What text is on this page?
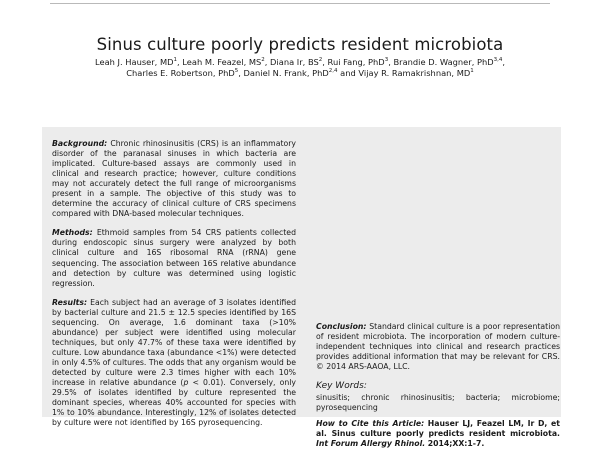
Sinus culture poorly predicts resident microbiota
Leah J. Hauser, $MD^1$, Leah M. Feazel, $MS^2$, Diana Ir, $BS^2$, Rui Fang, PhD$^3$, Brandie D. Wagner, PhD$^{3,4}$,
Charles E. Robertson, PhD$^5$, Daniel N. Frank, PhD$^{2,4}$ and Vijay R. Ramakrishnan, $MD^1$

Background: Chronic rhinosinusitis (CRS) is an inflammatory disorder of the paranasal sinuses in which bacteria are implicated. Culture-based assays are commonly used in clinical and research practice; however, culture conditions may not accurately detect the full range of microorganisms present in a sample. The objective of this study was to determine the accuracy of clinical culture of CRS specimens compared with DNA-based molecular techniques.

Methods: Ethmoid samples from 54 CRS patients collected during endoscopic sinus surgery were analyzed by both clinical culture and 16S ribosomal RNA (rRNA) gene sequencing. The association between 16S relative abundance and detection by culture was determined using logistic regression.

Results: Each subject had an average of 3 isolates identified by bacterial culture and 21.5 ± 12.5 species identified by 16S sequencing. On average, 1.6 dominant taxa (>10% abundance) per subject were identified using molecular techniques, but only 47.7% of these taxa were identified by culture. Low abundance taxa (abundance <1%) were detected in only 4.5% of cultures. The odds that any organism would be detected by culture were 2.3 times higher with each 10% increase in relative abundance (p < 0.01). Conversely, only 29.5% of isolates identified by culture represented the dominant species, whereas 40% accounted for species with 1% to 10% abundance. Interestingly, 12% of isolates detected by culture were not identified by 16S pyrosequencing.

Conclusion: Standard clinical culture is a poor representation of resident microbiota. The incorporation of modern culture-independent techniques into clinical and research practices provides additional information that may be relevant for CRS. © 2014 ARS-AAOA, LLC.

Key Words:

sinusitis; chronic rhinosinusitis; bacteria; microbiome; pyrosequencing

How to Cite this Article: Hauser LJ, Feazel LM, Ir D, et al. Sinus culture poorly predicts resident microbiota. Int Forum Allergy Rhinol. 2014;XX:1-7.
